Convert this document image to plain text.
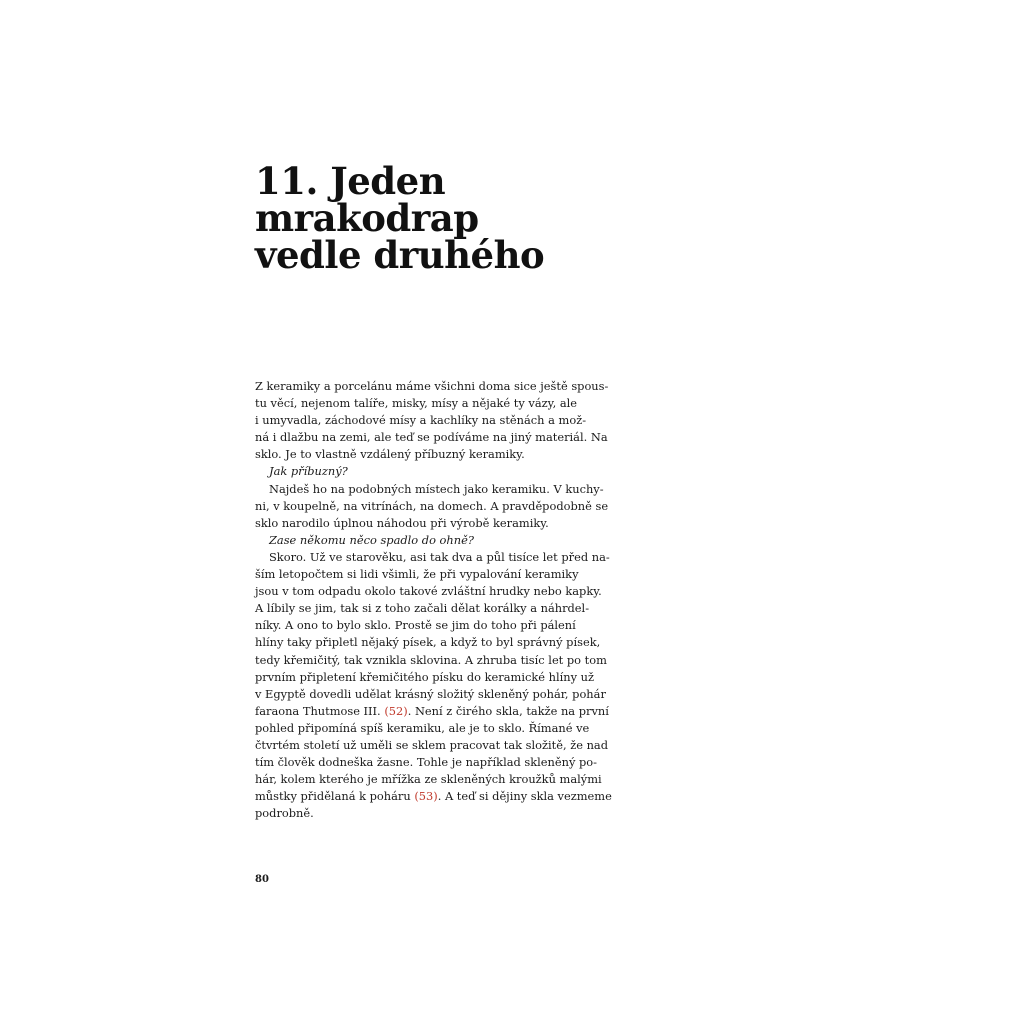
11. Jeden
mrakodrap
vedle druhého
Z keramiky a porcelánu máme všichni doma sice ještě spous-
tu věcí, nejenom talíře, misky, mísy a nějaké ty vázy, ale
i umyvadla, záchodové mísy a kachlíky na stěnách a mož-
ná i dlažbu na zemi, ale teď se podíváme na jiný materiál. Na
sklo. Je to vlastně vzdálený příbuzný keramiky.
Jak příbuzný?
Najdeš ho na podobných místech jako keramiku. V kuchy-
ni, v koupelně, na vitrínách, na domech. A pravděpodobně se
sklo narodilo úplnou náhodou při výrobě keramiky.
Zase někomu něco spadlo do ohně?
Skoro. Už ve starověku, asi tak dva a půl tisíce let před na-
ším letopočtem si lidi všimli, že při vypalování keramiky
jsou v tom odpadu okolo takové zvláštní hrudky nebo kapky.
A líbily se jim, tak si z toho začali dělat korálky a náhrdel-
níky. A ono to bylo sklo. Prostě se jim do toho při pálení
hlíny taky připletl nějaký písek, a když to byl správný písek,
tedy křemičitý, tak vznikla sklovina. A zhruba tisíc let po tom
prvním připletení křemičitého písku do keramické hlíny už
v Egyptě dovedli udělat krásný složitý skleněný pohár, pohár
faraona Thutmose III. (52). Není z čirého skla, takže na první
pohled připomíná spíš keramiku, ale je to sklo. Římané ve
čtvrtém století už uměli se sklem pracovat tak složitě, že nad
tím člověk dodneška žasne. Tohle je například skleněný po-
hár, kolem kterého je mřížka ze skleněných kroužků malými
můstky přidělaná k poháru (53). A teď si dějiny skla vezmeme
podrobně.
80
